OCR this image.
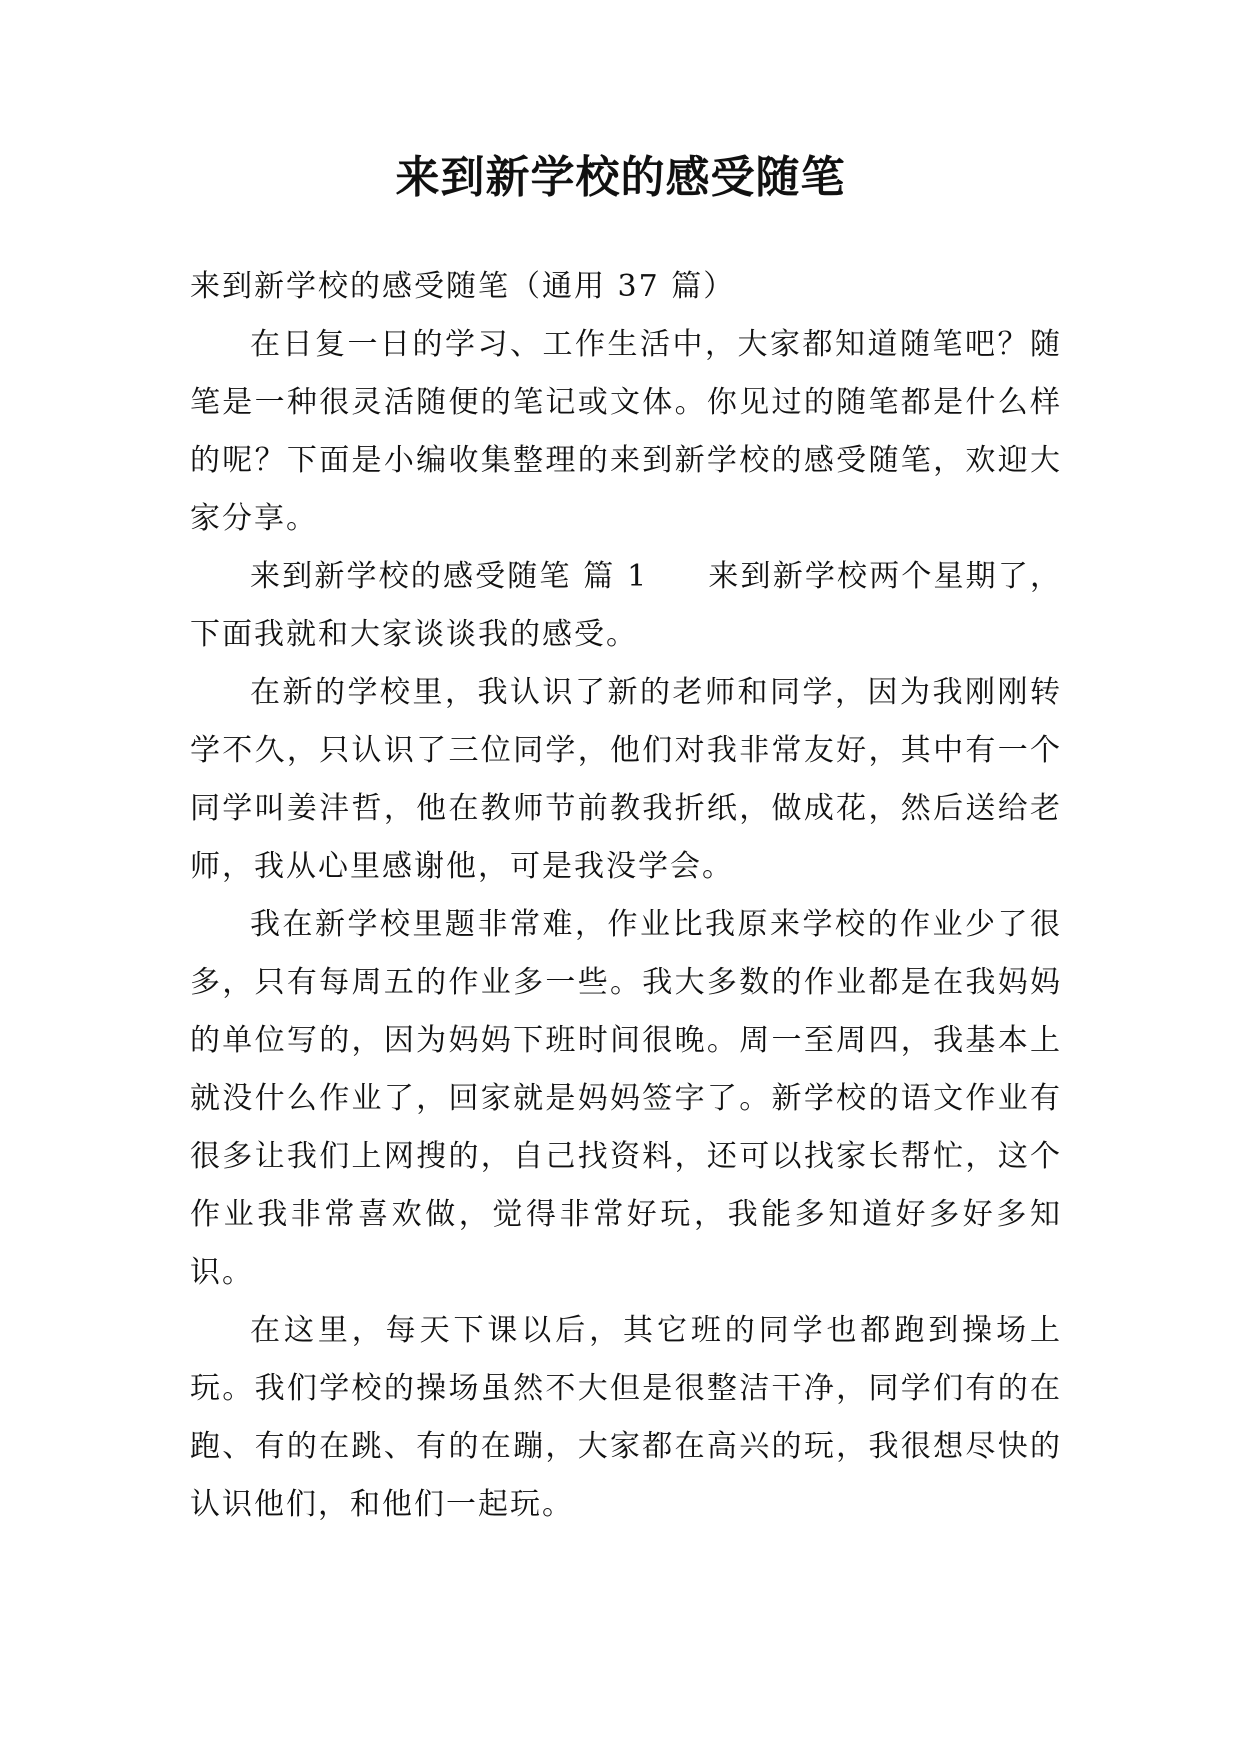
来到新学校的感受随笔

来到新学校的感受随笔（通用 37 篇）

在日复一日的学习、工作生活中，大家都知道随笔吧？随笔是一种很灵活随便的笔记或文体。你见过的随笔都是什么样的呢？下面是小编收集整理的来到新学校的感受随笔，欢迎大家分享。

来到新学校的感受随笔 篇 1 来到新学校两个星期了，下面我就和大家谈谈我的感受。

在新的学校里，我认识了新的老师和同学，因为我刚刚转学不久，只认识了三位同学，他们对我非常友好，其中有一个同学叫姜沣哲，他在教师节前教我折纸，做成花，然后送给老师，我从心里感谢他，可是我没学会。

我在新学校里题非常难，作业比我原来学校的作业少了很多，只有每周五的作业多一些。我大多数的作业都是在我妈妈的单位写的，因为妈妈下班时间很晚。周一至周四，我基本上就没什么作业了，回家就是妈妈签字了。新学校的语文作业有很多让我们上网搜的，自己找资料，还可以找家长帮忙，这个作业我非常喜欢做，觉得非常好玩，我能多知道好多好多知识。

在这里，每天下课以后，其它班的同学也都跑到操场上玩。我们学校的操场虽然不大但是很整洁干净，同学们有的在跑、有的在跳、有的在蹦，大家都在高兴的玩，我很想尽快的认识他们，和他们一起玩。
